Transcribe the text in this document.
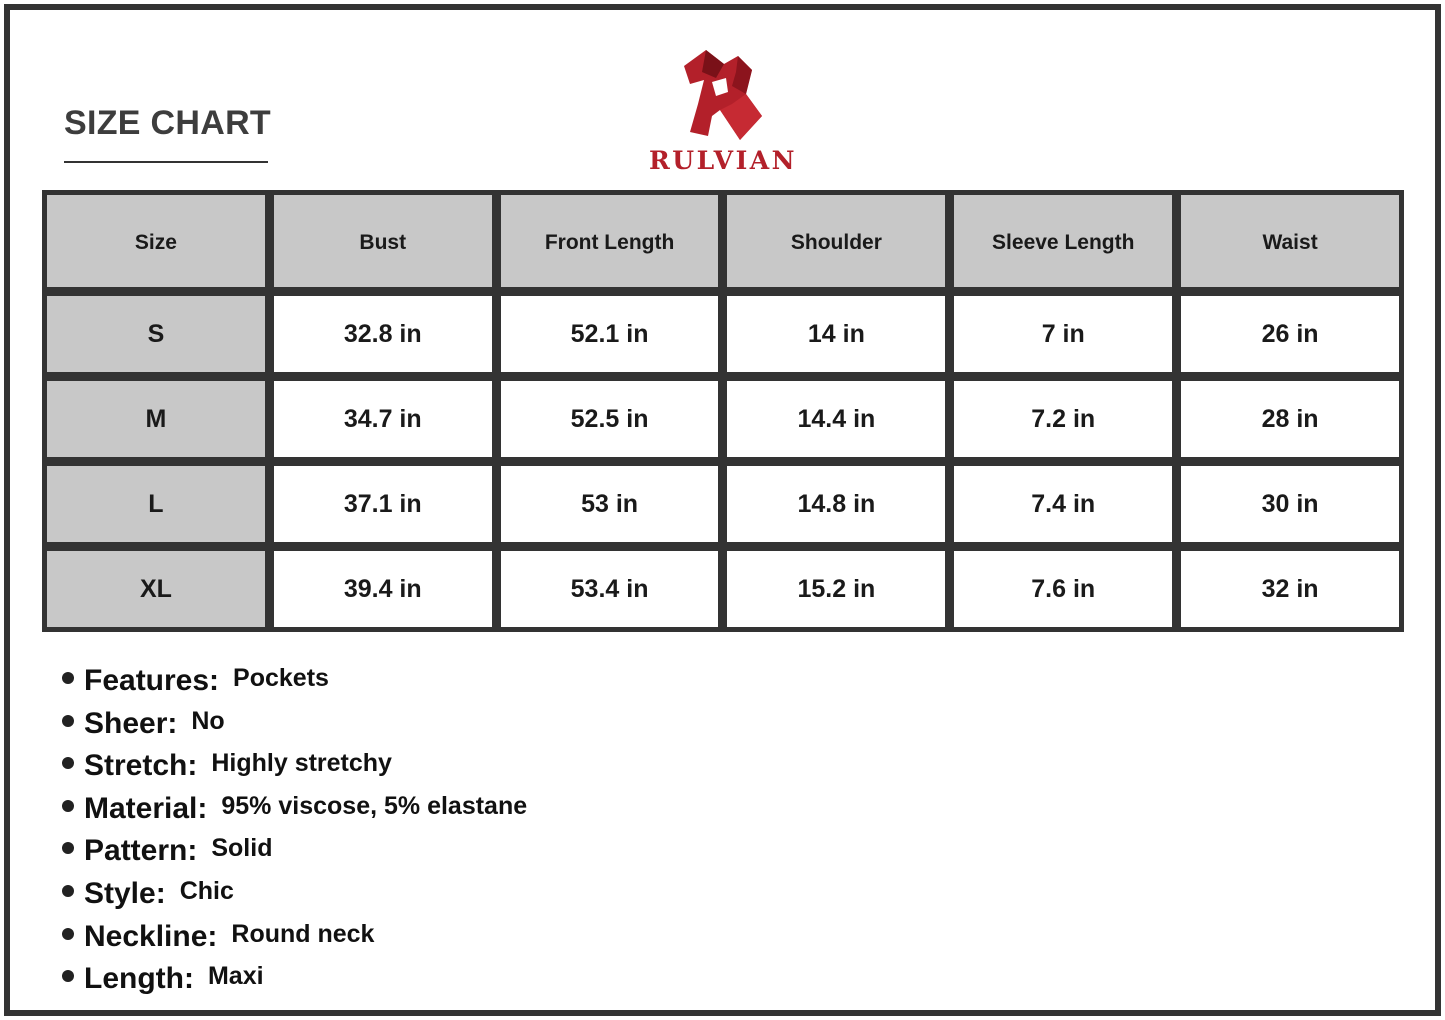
SIZE CHART
RULVIAN
Size	Bust	Front Length	Shoulder	Sleeve Length	Waist
S	32.8 in	52.1 in	14 in	7 in	26 in
M	34.7 in	52.5 in	14.4 in	7.2 in	28 in
L	37.1 in	53 in	14.8 in	7.4 in	30 in
XL	39.4 in	53.4 in	15.2 in	7.6 in	32 in
Features: Pockets
Sheer: No
Stretch: Highly stretchy
Material: 95% viscose, 5% elastane
Pattern: Solid
Style: Chic
Neckline: Round neck
Length: Maxi
